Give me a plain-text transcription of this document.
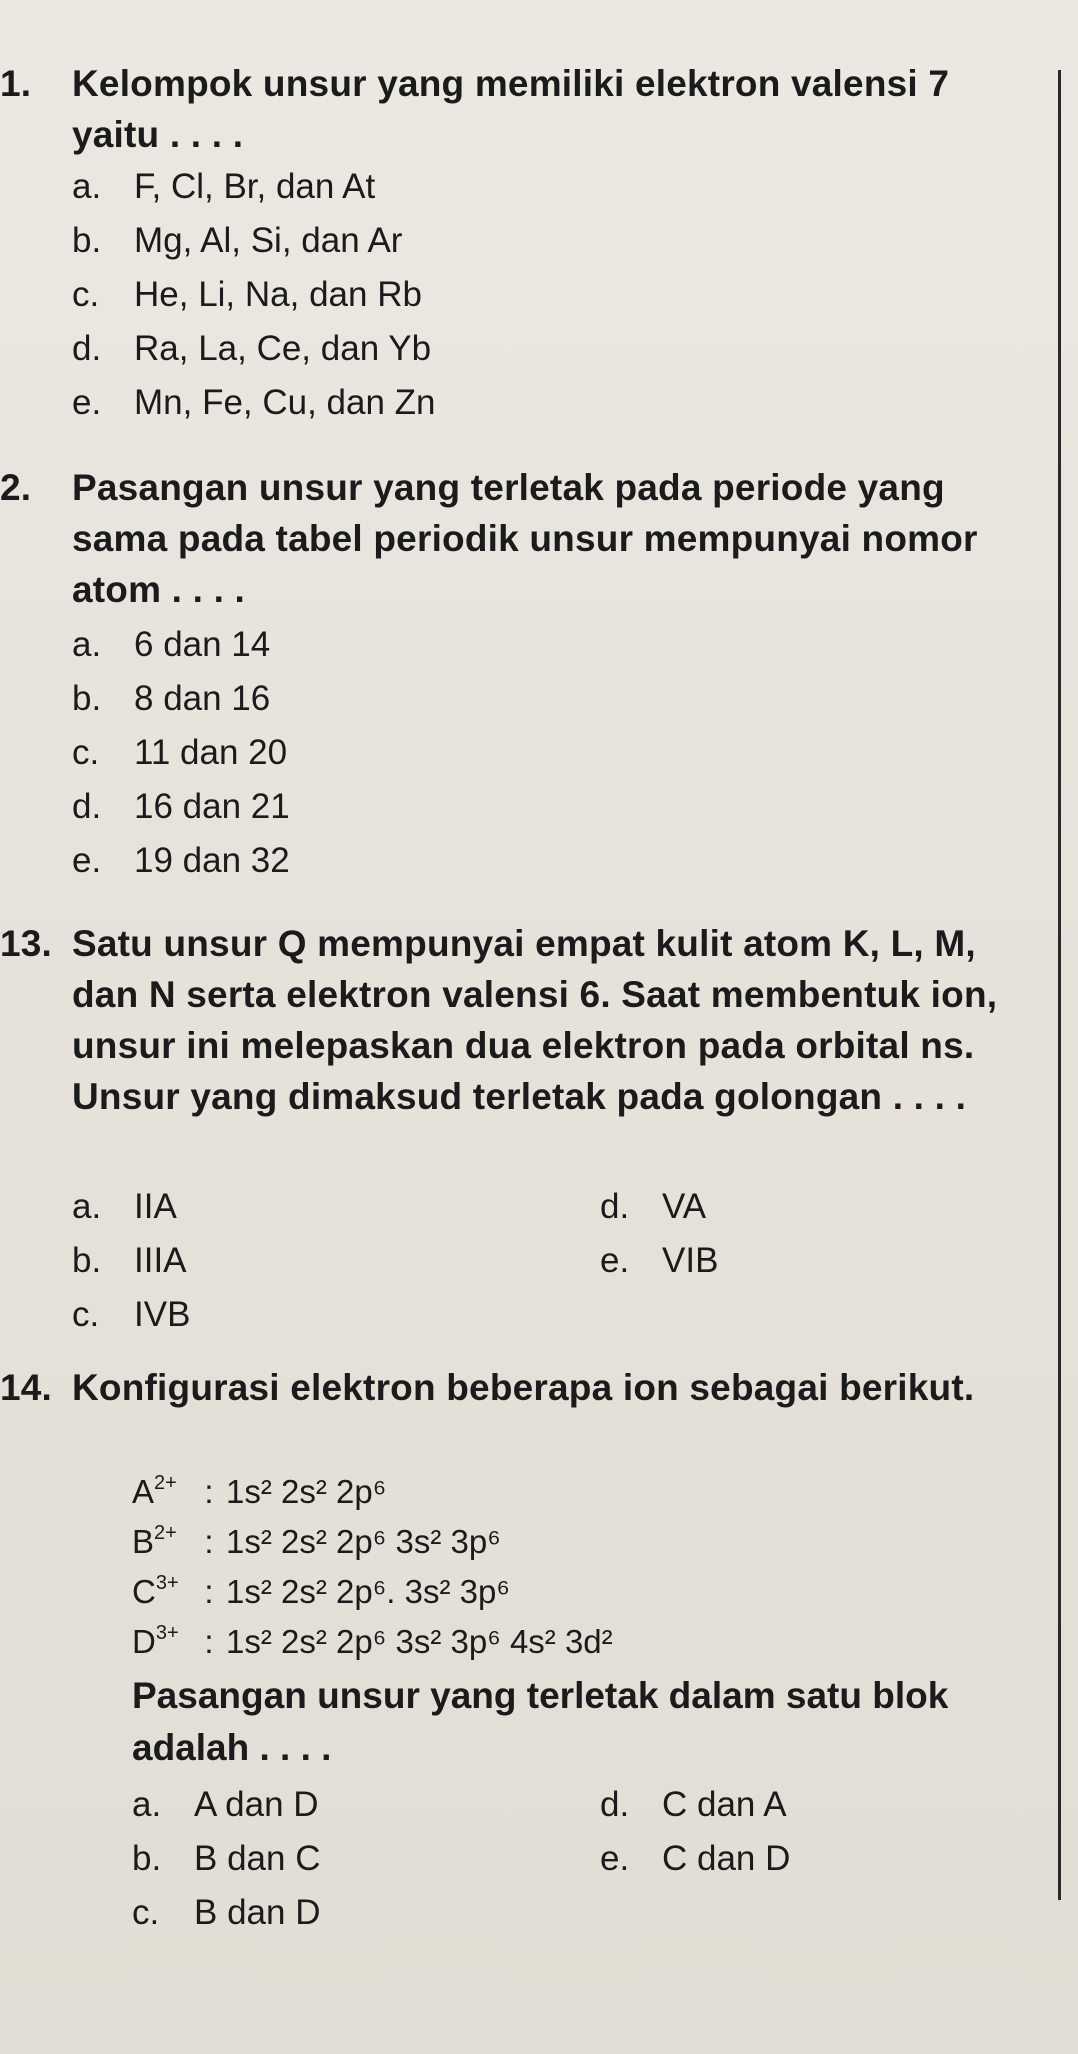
1. Kelompok unsur yang memiliki elektron valensi 7 yaitu . . . .

a. F, Cl, Br, dan At
b. Mg, Al, Si, dan Ar
c. He, Li, Na, dan Rb
d. Ra, La, Ce, dan Yb
e. Mn, Fe, Cu, dan Zn

2. Pasangan unsur yang terletak pada periode yang sama pada tabel periodik unsur mempunyai nomor atom . . . .

a. 6 dan 14
b. 8 dan 16
c. 11 dan 20
d. 16 dan 21
e. 19 dan 32

13. Satu unsur Q mempunyai empat kulit atom K, L, M, dan N serta elektron valensi 6. Saat membentuk ion, unsur ini melepaskan dua elektron pada orbital ns. Unsur yang dimaksud terletak pada golongan . . . .

a. IIA
b. IIIA
c. IVB
d. VA
e. VIB

14. Konfigurasi elektron beberapa ion sebagai berikut.

$A^{2+}$ : 1s² 2s² 2p⁶
$B^{2+}$ : 1s² 2s² 2p⁶ 3s² 3p⁶
$C^{3+}$ : 1s² 2s² 2p⁶. 3s² 3p⁶
$D^{3+}$ : 1s² 2s² 2p⁶ 3s² 3p⁶ 4s² 3d²
Pasangan unsur yang terletak dalam satu blok adalah . . . .
a. A dan D
b. B dan C
c. B dan D
d. C dan A
e. C dan D
